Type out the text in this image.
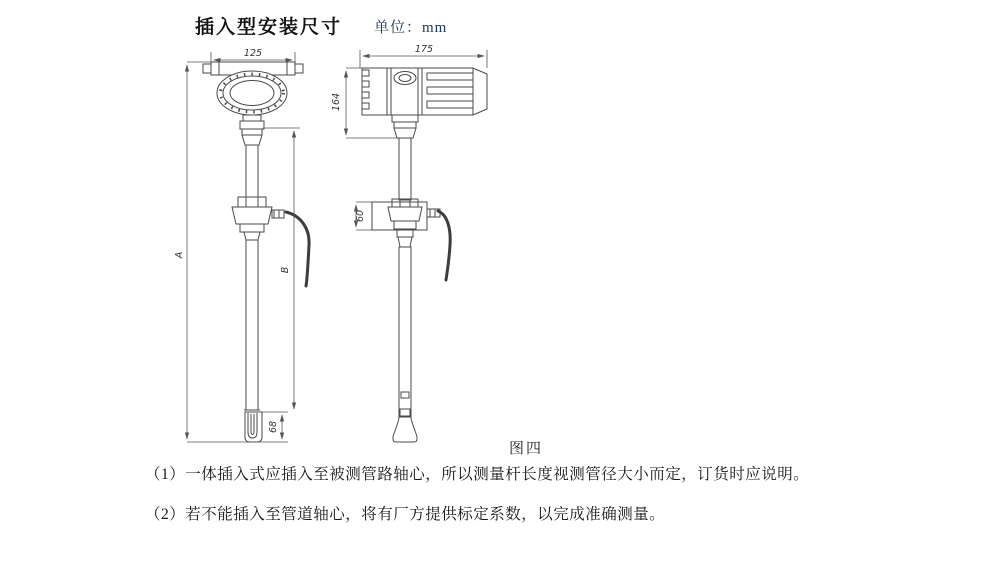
插入型安装尺寸 单位：mm
125
A
B
68
175
164
60
图四
（1）一体插入式应插入至被测管路轴心，所以测量杆长度视测管径大小而定，订货时应说明。
（2）若不能插入至管道轴心，将有厂方提供标定系数，以完成准确测量。
